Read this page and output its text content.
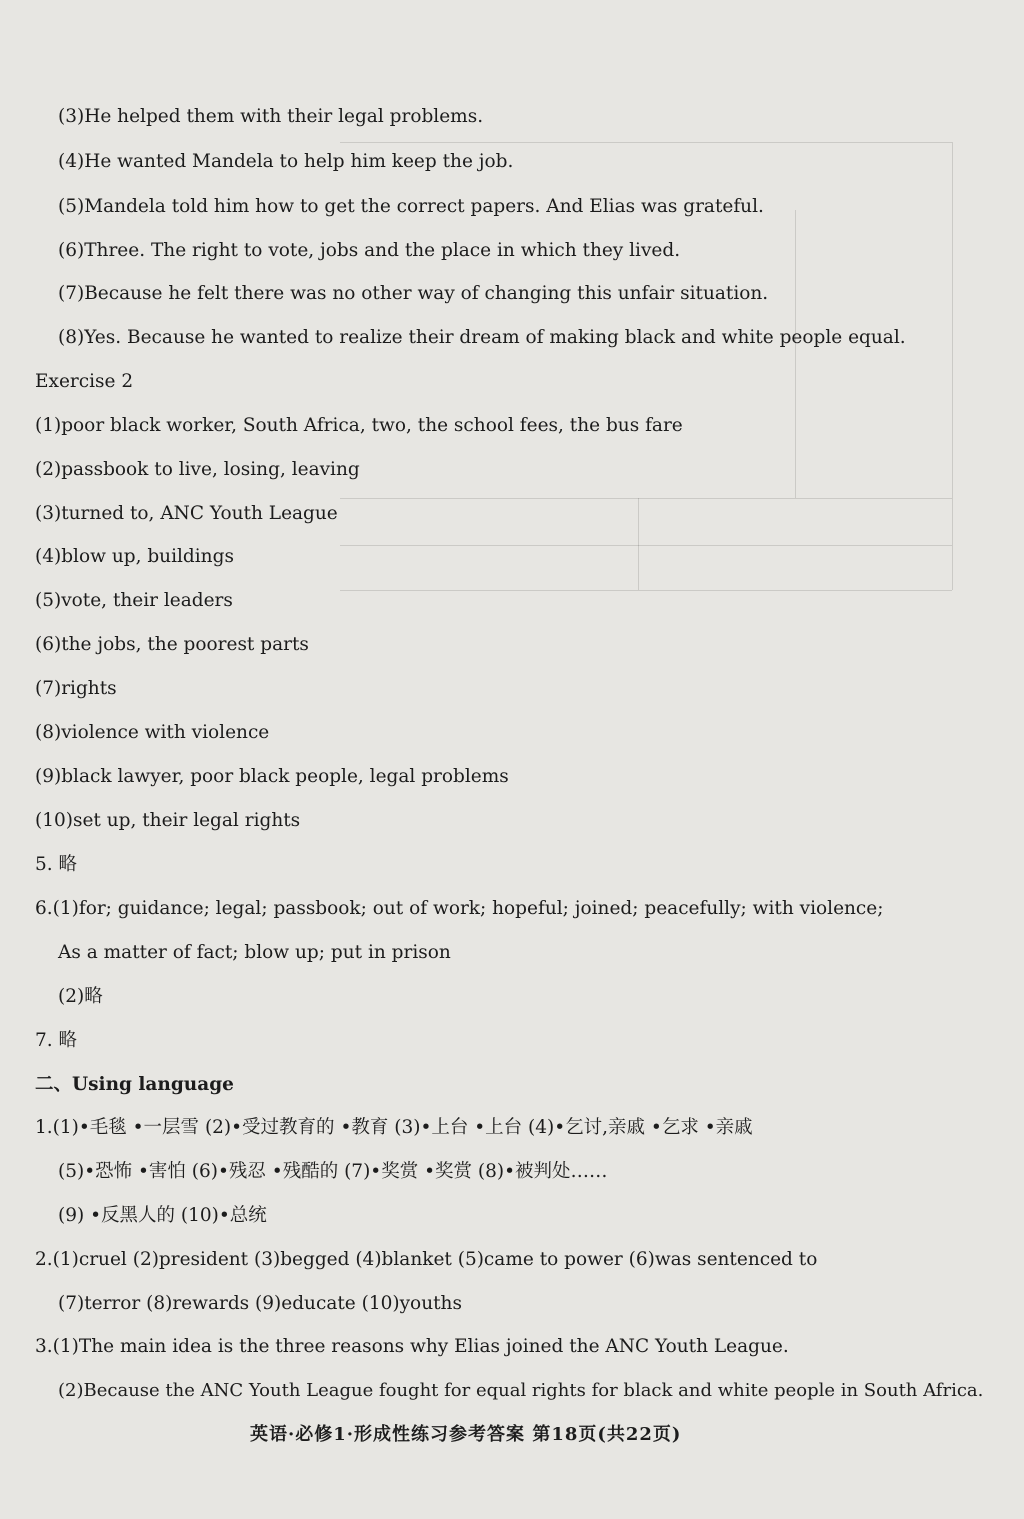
(3)He helped them with their legal problems.
(4)He wanted Mandela to help him keep the job.
(5)Mandela told him how to get the correct papers. And Elias was grateful.
(6)Three. The right to vote, jobs and the place in which they lived.
(7)Because he felt there was no other way of changing this unfair situation.
(8)Yes. Because he wanted to realize their dream of making black and white people equal.
Exercise 2
(1)poor black worker, South Africa, two, the school fees, the bus fare
(2)passbook to live, losing, leaving
(3)turned to, ANC Youth League
(4)blow up, buildings
(5)vote, their leaders
(6)the jobs, the poorest parts
(7)rights
(8)violence with violence
(9)black lawyer, poor black people, legal problems
(10)set up, their legal rights
5. 略
6.(1)for; guidance; legal; passbook; out of work; hopeful; joined; peacefully; with violence;
As a matter of fact; blow up; put in prison
(2)略
7. 略
二、Using language
1.(1)•毛毯 •一层雪 (2)•受过教育的 •教育 (3)•上台 •上台 (4)•乞讨,亲戚 •乞求 •亲戚
(5)•恐怖 •害怕 (6)•残忍 •残酷的 (7)•奖赏 •奖赏 (8)•被判处……
(9) •反黑人的 (10)•总统
2.(1)cruel (2)president (3)begged (4)blanket (5)came to power (6)was sentenced to
(7)terror (8)rewards (9)educate (10)youths
3.(1)The main idea is the three reasons why Elias joined the ANC Youth League.
(2)Because the ANC Youth League fought for equal rights for black and white people in South Africa.
英语·必修1·形成性练习参考答案 第18页(共22页)
